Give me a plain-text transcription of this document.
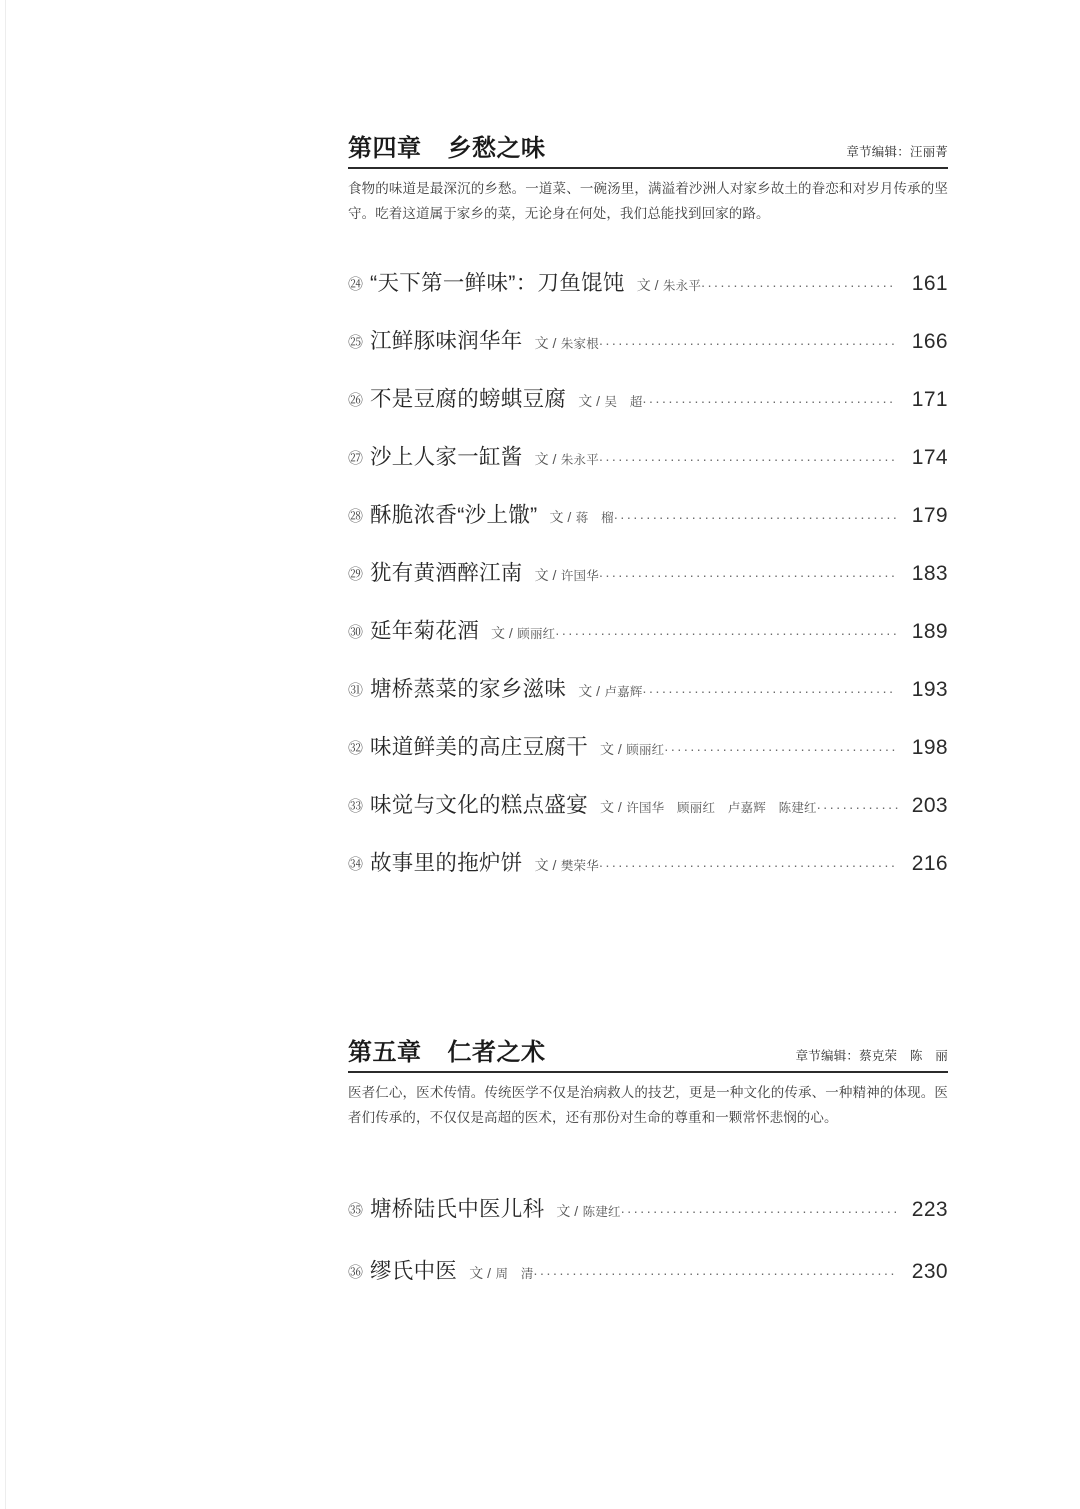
第四章 乡愁之味	章节编辑：汪丽菁
食物的味道是最深沉的乡愁。一道菜、一碗汤里，满溢着沙洲人对家乡故土的眷恋和对岁月传承的坚守。吃着这道属于家乡的菜，无论身在何处，我们总能找到回家的路。
㉔ “天下第一鲜味”：刀鱼馄饨 文 / 朱永平 .....	161
㉕ 江鲜豚味润华年 文 / 朱家根 .....	166
㉖ 不是豆腐的螃蜞豆腐 文 / 吴　超 .....	171
㉗ 沙上人家一缸酱 文 / 朱永平 .....	174
㉘ 酥脆浓香“沙上馓” 文 / 蒋　榴 .....	179
㉙ 犹有黄酒醉江南 文 / 许国华 .....	183
㉚ 延年菊花酒 文 / 顾丽红 .....	189
㉛ 塘桥蒸菜的家乡滋味 文 / 卢嘉辉 .....	193
㉜ 味道鲜美的高庄豆腐干 文 / 顾丽红 .....	198
㉝ 味觉与文化的糕点盛宴 文 / 许国华　顾丽红　卢嘉辉　陈建红 .....	203
㉞ 故事里的拖炉饼 文 / 樊荣华 .....	216
第五章 仁者之术	章节编辑：蔡克荣　陈　丽
医者仁心，医术传情。传统医学不仅是治病救人的技艺，更是一种文化的传承、一种精神的体现。医者们传承的，不仅仅是高超的医术，还有那份对生命的尊重和一颗常怀悲悯的心。
㉟ 塘桥陆氏中医儿科 文 / 陈建红 .....	223
㊱ 缪氏中医 文 / 周　清 .....	230
